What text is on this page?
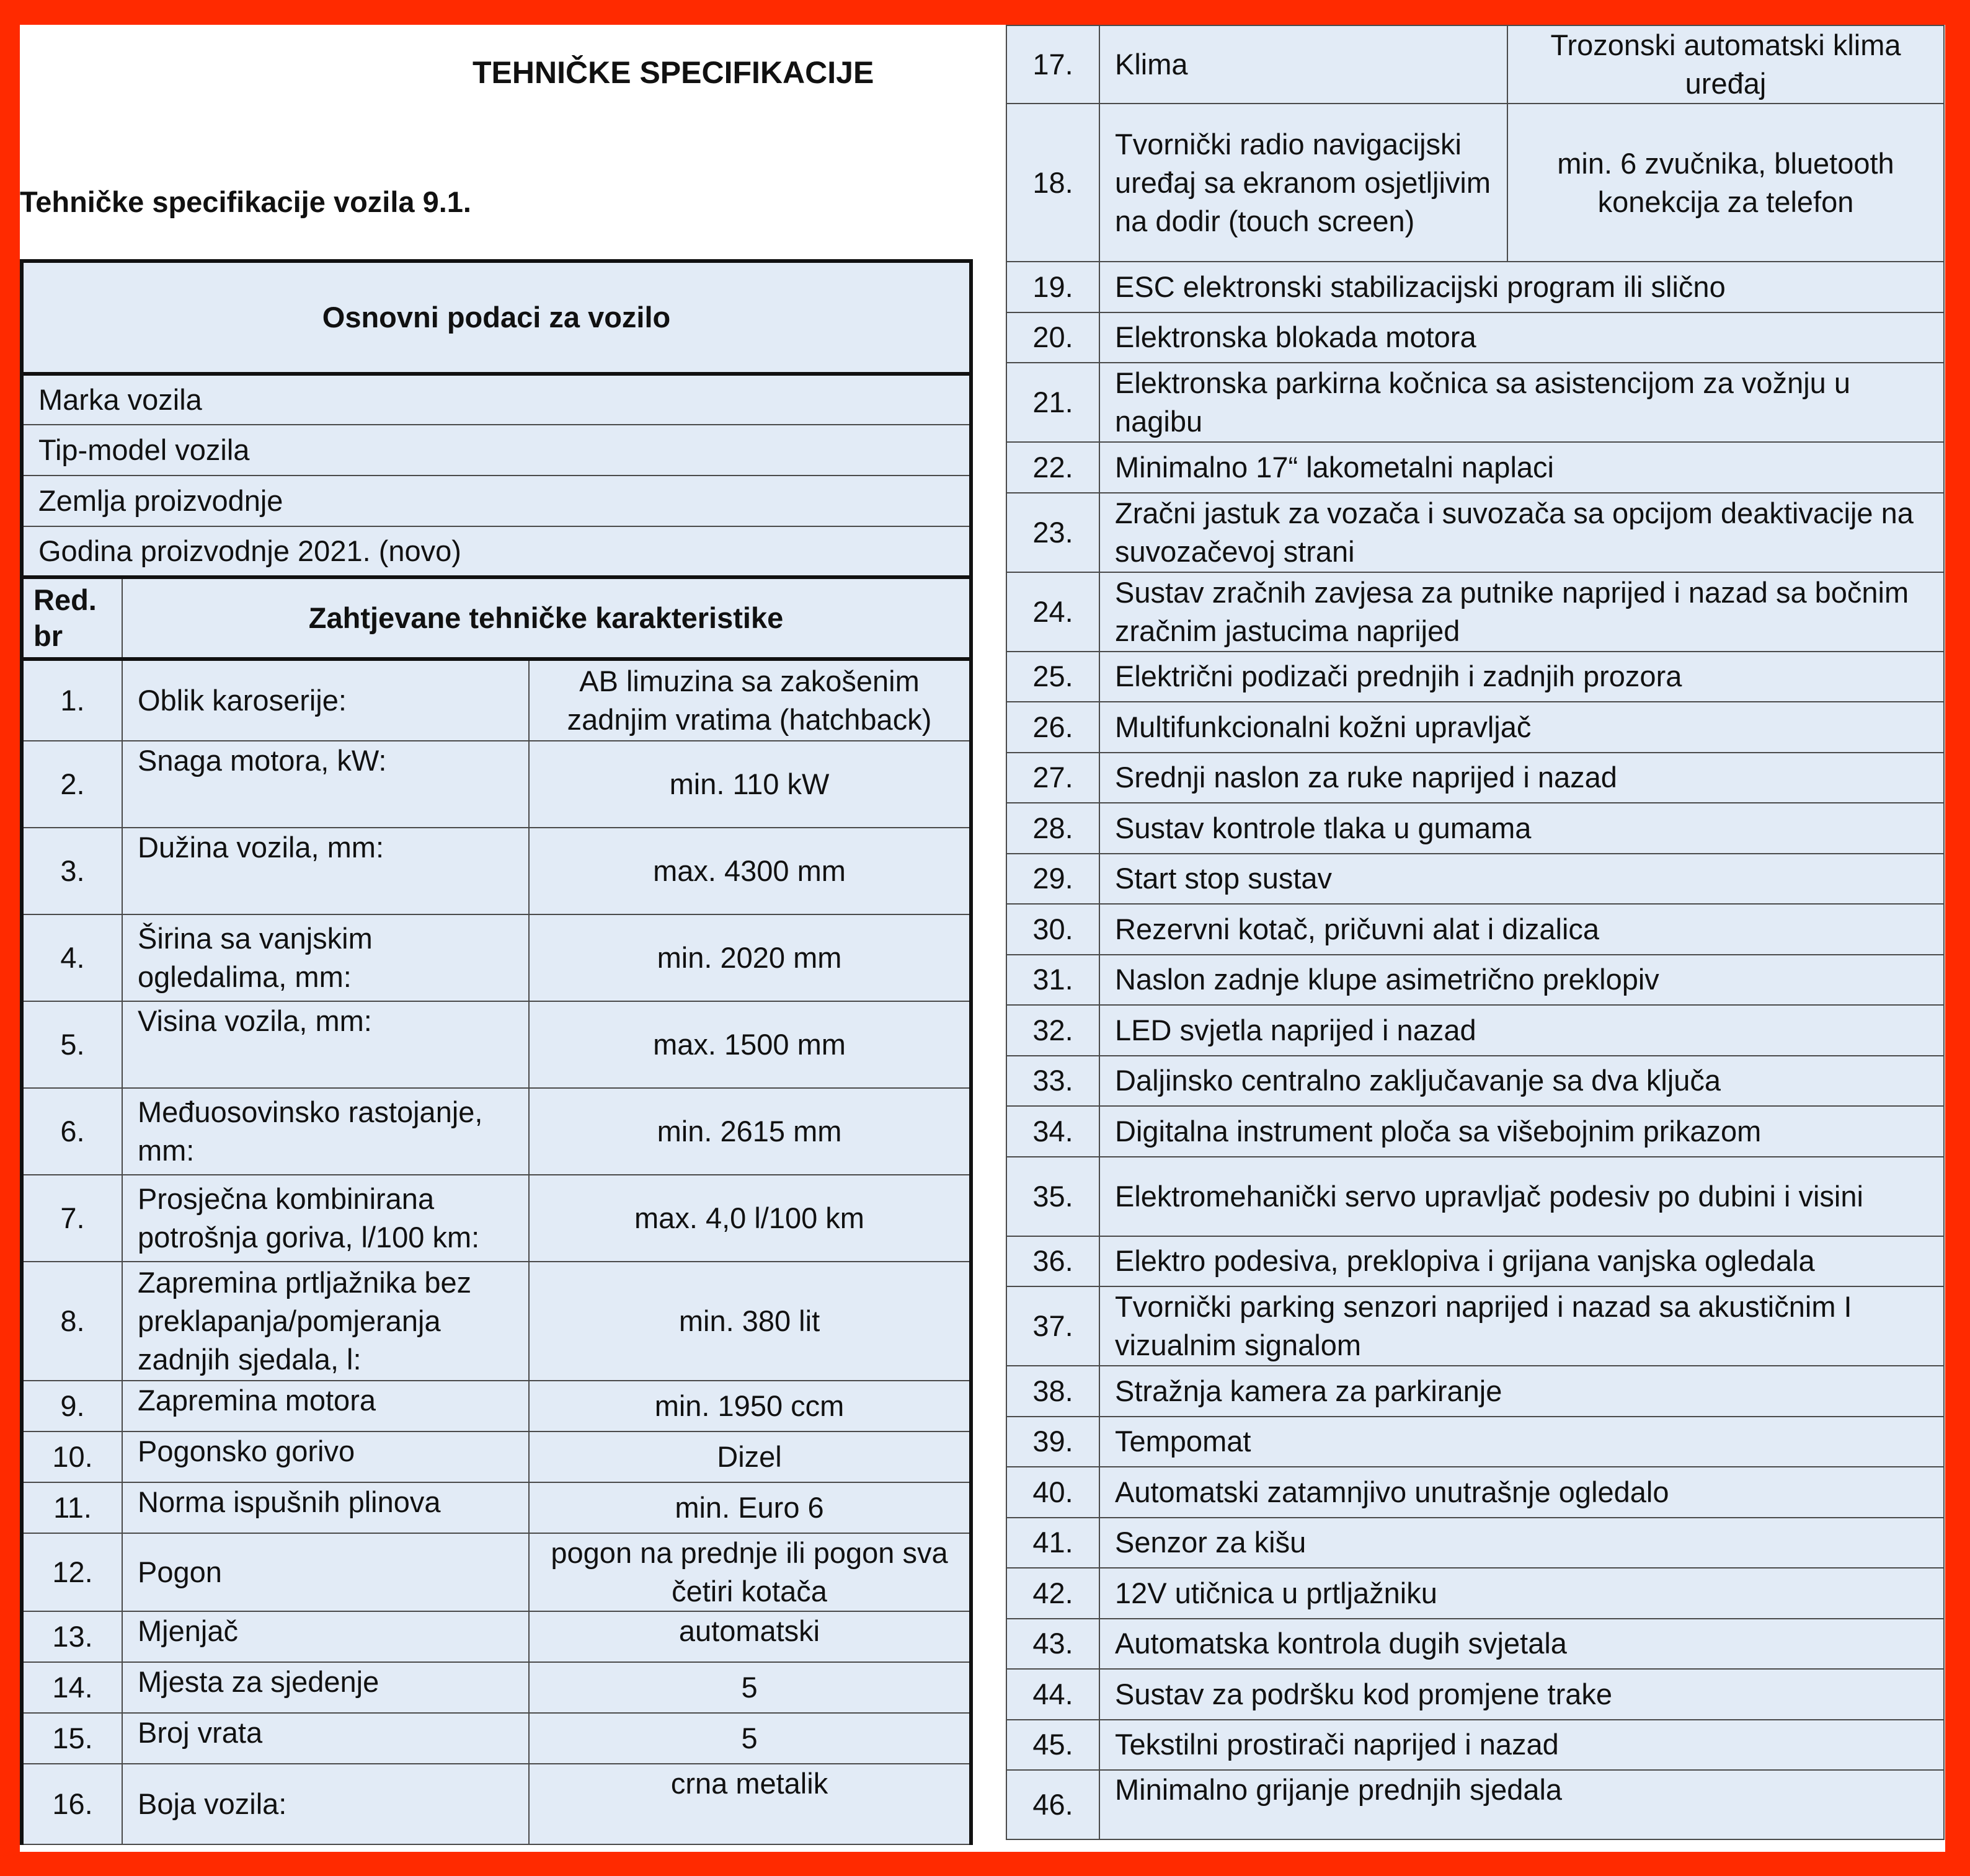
TEHNIČKE SPECIFIKACIJE
Tehničke specifikacije vozila 9.1.
Osnovni podaci za vozilo		
Marka vozila		
Tip-model vozila		
Zemlja proizvodnje		
Godina proizvodnje 2021. (novo)		
Red.
br	Zahtjevane tehničke karakteristike	
1.	Oblik karoserije:	AB limuzina sa zakošenim zadnjim vratima (hatchback)
2.	Snaga motora, kW:	min. 110 kW
3.	Dužina vozila, mm:	max. 4300 mm
4.	Širina sa vanjskim ogledalima, mm:	min. 2020 mm
5.	Visina vozila, mm:	max. 1500 mm
6.	Međuosovinsko rastojanje, mm:	min. 2615 mm
7.	Prosječna kombinirana potrošnja goriva, l/100 km:	max. 4,0 l/100 km
8.	Zapremina prtljažnika bez preklapanja/pomjeranja zadnjih sjedala, l:	min. 380 lit
9.	Zapremina motora	min. 1950 ccm
10.	Pogonsko gorivo	Dizel
11.	Norma ispušnih plinova	min. Euro 6
12.	Pogon	pogon na prednje ili pogon sva četiri kotača
13.	Mjenjač	automatski
14.	Mjesta za sjedenje	5
15.	Broj vrata	5
16.	Boja vozila:	crna metalik
17.	Klima	Trozonski automatski klima uređaj
18.	Tvornički radio navigacijski uređaj sa ekranom osjetljivim na dodir (touch screen)	min. 6 zvučnika, bluetooth konekcija za telefon
19.	ESC elektronski stabilizacijski program ili slično	
20.	Elektronska blokada motora	
21.	Elektronska parkirna kočnica sa asistencijom za vožnju u nagibu	
22.	Minimalno 17“ lakometalni naplaci	
23.	Zračni jastuk za vozača i suvozača sa opcijom deaktivacije na suvozačevoj strani	
24.	Sustav zračnih zavjesa za putnike naprijed i nazad sa bočnim zračnim jastucima naprijed	
25.	Električni podizači prednjih i zadnjih prozora	
26.	Multifunkcionalni kožni upravljač	
27.	Srednji naslon za ruke naprijed i nazad	
28.	Sustav kontrole tlaka u gumama	
29.	Start stop sustav	
30.	Rezervni kotač, pričuvni alat i dizalica	
31.	Naslon zadnje klupe asimetrično preklopiv	
32.	LED svjetla naprijed i nazad	
33.	Daljinsko centralno zaključavanje sa dva ključa	
34.	Digitalna instrument ploča sa višebojnim prikazom	
35.	Elektromehanički servo upravljač podesiv po dubini i visini	
36.	Elektro podesiva, preklopiva i grijana vanjska ogledala	
37.	Tvornički parking senzori naprijed i nazad sa akustičnim I vizualnim signalom	
38.	Stražnja kamera za parkiranje	
39.	Tempomat	
40.	Automatski zatamnjivo unutrašnje ogledalo	
41.	Senzor za kišu	
42.	12V utičnica u prtljažniku	
43.	Automatska kontrola dugih svjetala	
44.	Sustav za podršku kod promjene trake	
45.	Tekstilni prostirači naprijed i nazad	
46.	Minimalno grijanje prednjih sjedala	
